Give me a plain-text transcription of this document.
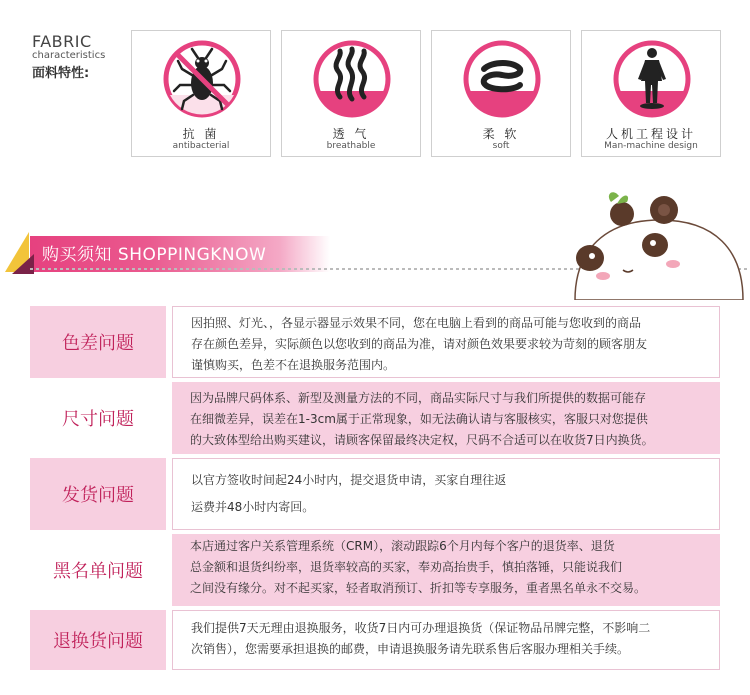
FABRIC
characteristics
面料特性:
抗 菌
antibacterial
透 气
breathable
柔 软
soft
人机工程设计
Man-machine design
购买须知 SHOPPINGKNOW
色差问题
因拍照、灯光、，各显示器显示效果不同，您在电脑上看到的商品可能与您收到的商品
存在颜色差异，实际颜色以您收到的商品为准，请对颜色效果要求较为苛刻的顾客朋友
谨慎购买，色差不在退换服务范围内。
尺寸问题
因为品牌尺码体系、新型及测量方法的不同，商品实际尺寸与我们所提供的数据可能存
在细微差异，误差在1-3cm属于正常现象，如无法确认请与客服核实，客服只对您提供
的大致体型给出购买建议，请顾客保留最终决定权，尺码不合适可以在收货7日内换货。
发货问题
以官方签收时间起24小时内，提交退货申请，买家自理往返
运费并48小时内寄回。
黑名单问题
本店通过客户关系管理系统（CRM），滚动跟踪6个月内每个客户的退货率、退货
总金额和退货纠纷率，退货率较高的买家，奉劝高抬贵手，慎拍落锤，只能说我们
之间没有缘分。对不起买家，轻者取消预订、折扣等专享服务，重者黑名单永不交易。
退换货问题
我们提供7天无理由退换服务，收货7日内可办理退换货（保证物品吊牌完整，不影响二
次销售），您需要承担退换的邮费，申请退换服务请先联系售后客服办理相关手续。
